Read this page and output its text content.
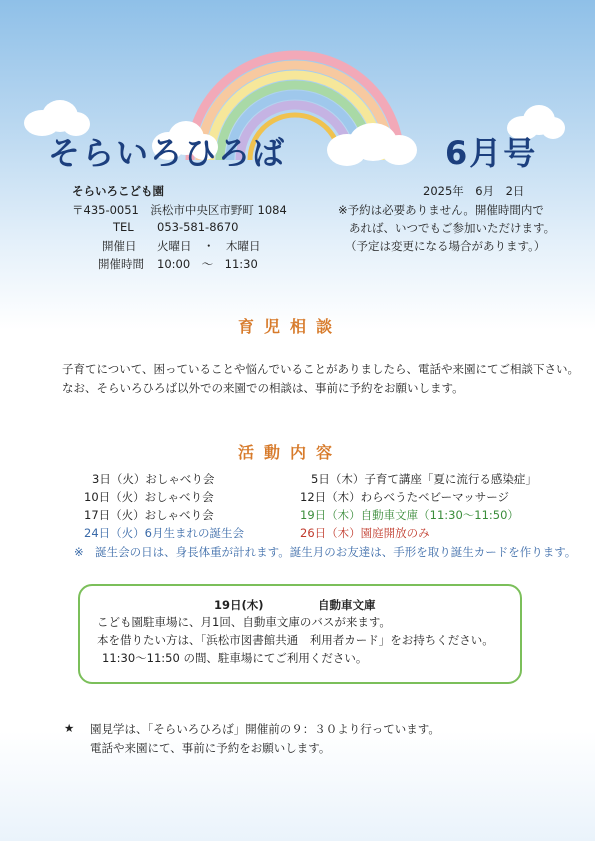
そらいろひろば	6月号
そらいろこども園
〒435-0051　浜松市中央区市野町 1084
TEL 053-581-8670
開催日 火曜日　・　木曜日
開催時間 10:00　～　11:30
2025年　6月　2日
※予約は必要ありません。開催時間内で
あれば、いつでもご参加いただけます。
（予定は変更になる場合があります。）
育児相談
子育てについて、困っていることや悩んでいることがありましたら、電話や来園にてご相談下さい。
なお、そらいろひろば以外での来園での相談は、事前に予約をお願いします。
活動内容
3日（火）おしゃべり会
10日（火）おしゃべり会
17日（火）おしゃべり会
24日（火）6月生まれの誕生会
5日（木）子育て講座「夏に流行る感染症」
12日（木）わらべうたベビーマッサージ
19日（木）自動車文庫（11:30～11:50）
26日（木）園庭開放のみ
※　誕生会の日は、身長体重が計れます。誕生月のお友達は、手形を取り誕生カードを作ります。
19日(木)	自動車文庫
こども園駐車場に、月1回、自動車文庫のバスが来ます。
本を借りたい方は、「浜松市図書館共通　利用者カード」をお持ちください。
11:30～11:50 の間、駐車場にてご利用ください。
★ 園見学は、「そらいろひろば」開催前の９：３０より行っています。
電話や来園にて、事前に予約をお願いします。
